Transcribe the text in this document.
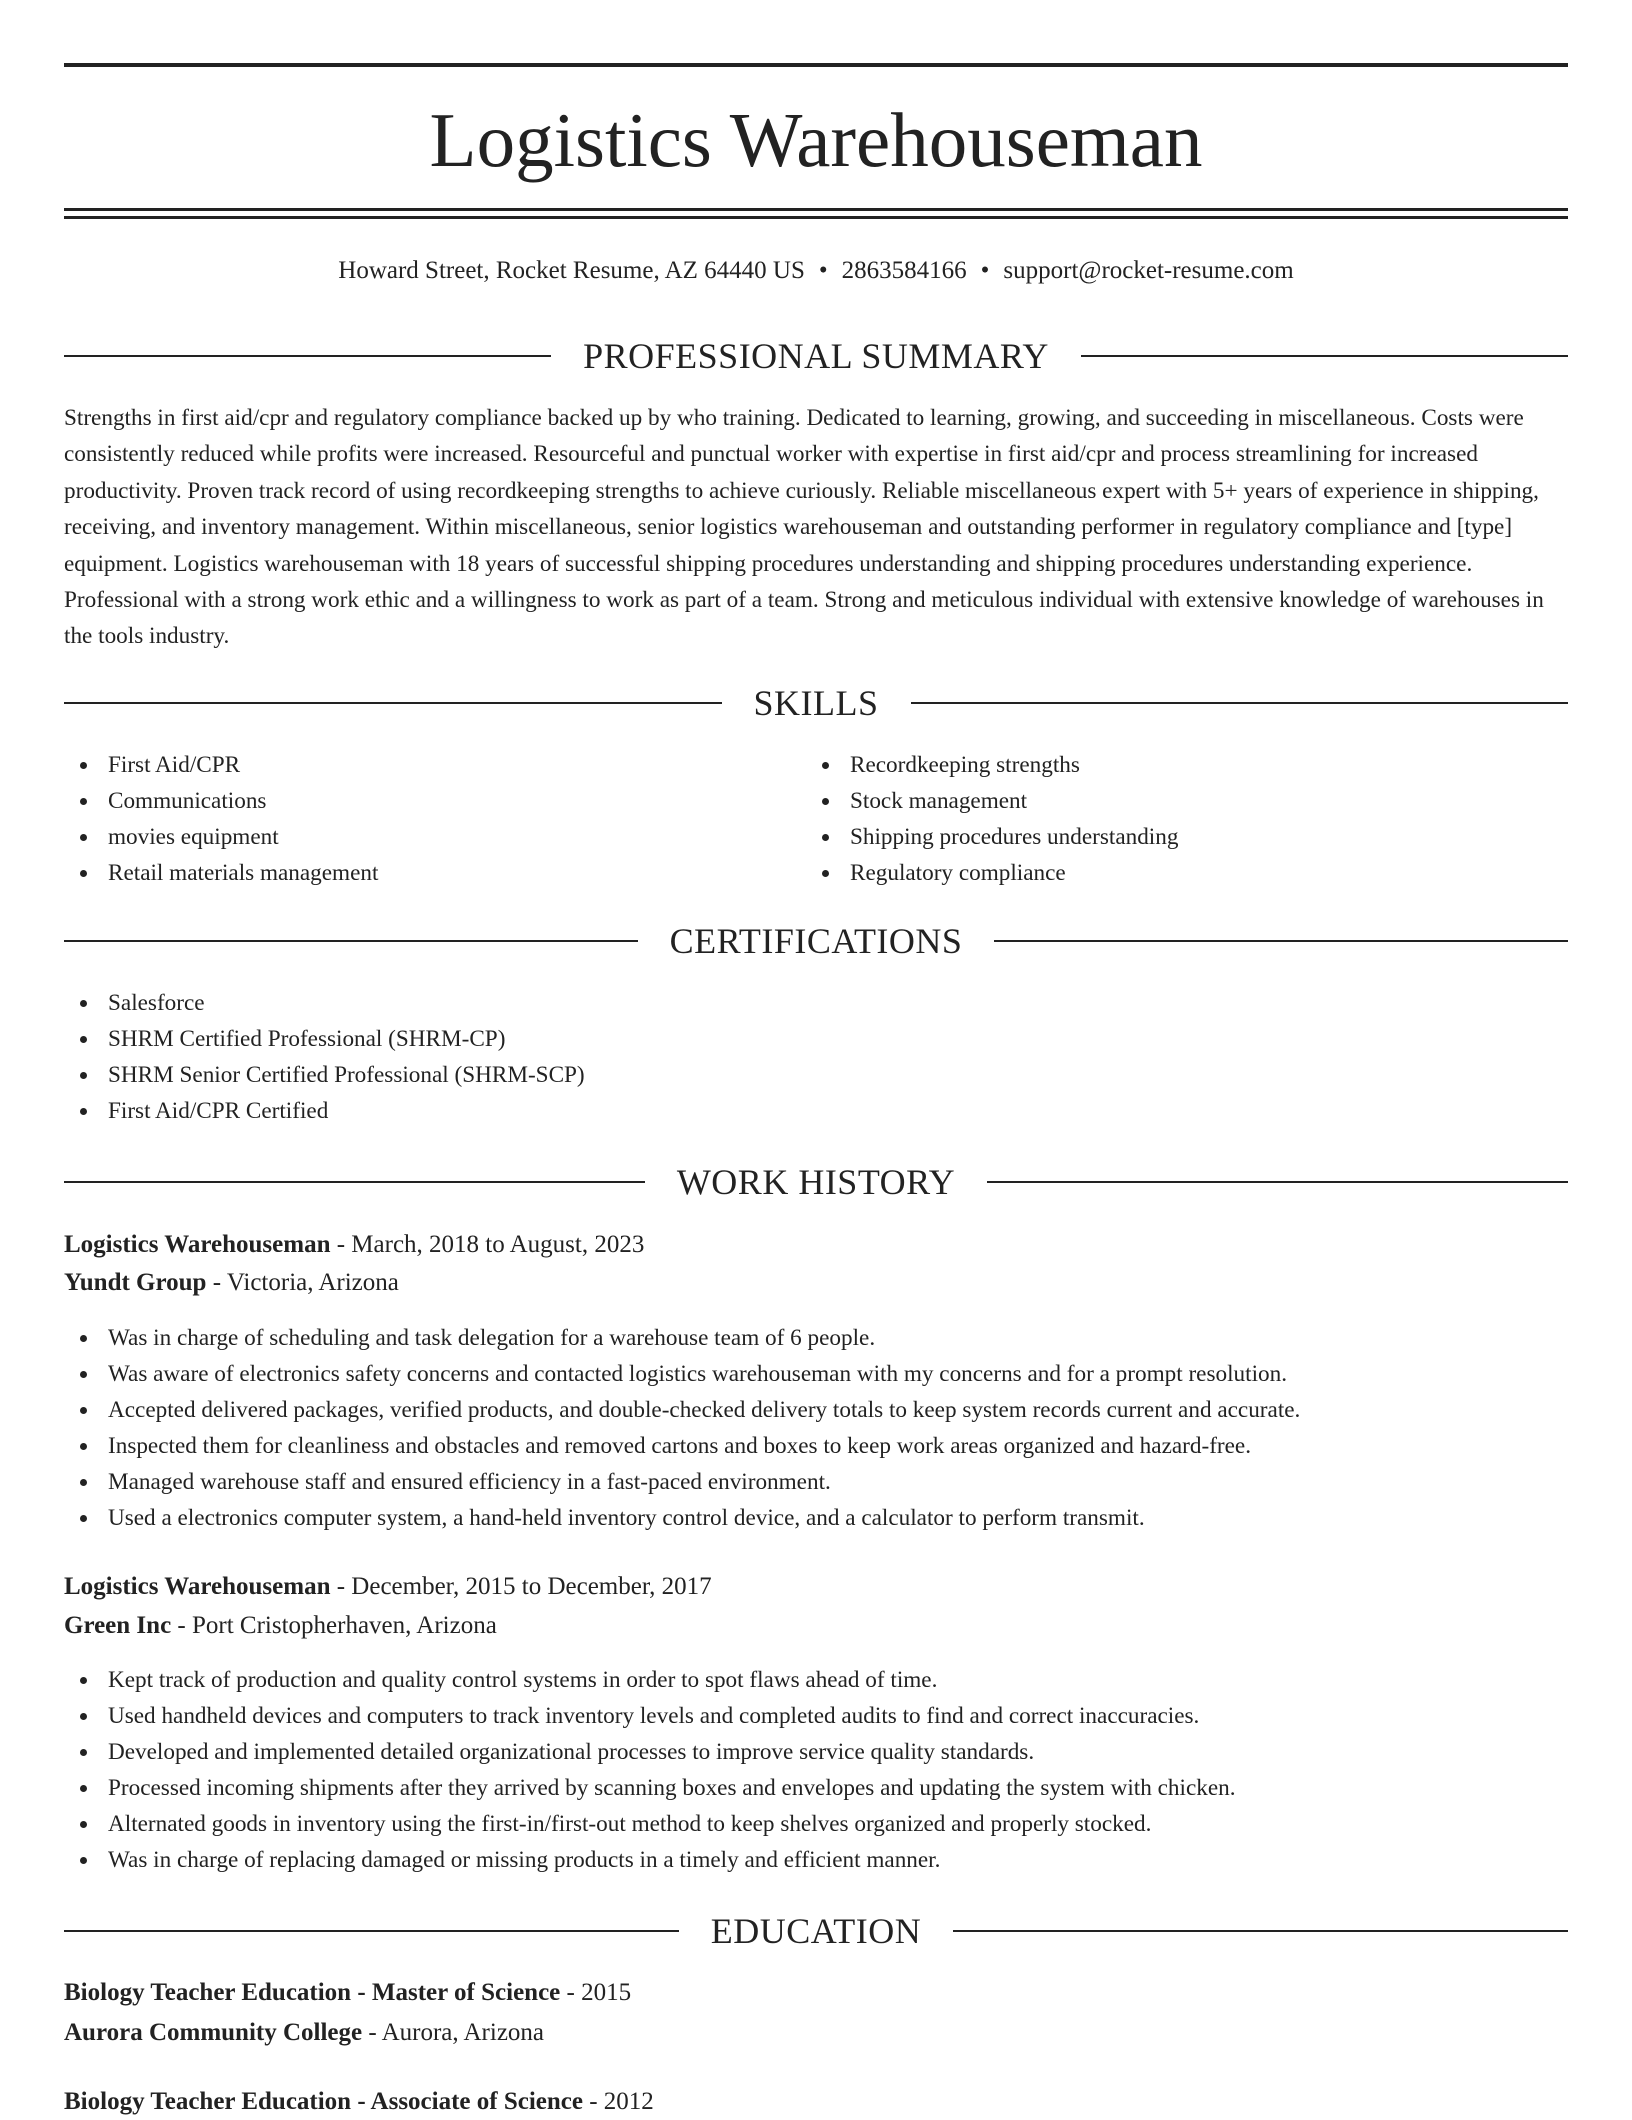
Logistics Warehouseman
Howard Street, Rocket Resume, AZ 64440 US • 2863584166 • support@rocket-resume.com
PROFESSIONAL SUMMARY

Strengths in first aid/cpr and regulatory compliance backed up by who training. Dedicated to learning, growing, and succeeding in miscellaneous. Costs were consistently reduced while profits were increased. Resourceful and punctual worker with expertise in first aid/cpr and process streamlining for increased productivity. Proven track record of using recordkeeping strengths to achieve curiously. Reliable miscellaneous expert with 5+ years of experience in shipping, receiving, and inventory management. Within miscellaneous, senior logistics warehouseman and outstanding performer in regulatory compliance and [type] equipment. Logistics warehouseman with 18 years of successful shipping procedures understanding and shipping procedures understanding experience. Professional with a strong work ethic and a willingness to work as part of a team. Strong and meticulous individual with extensive knowledge of warehouses in the tools industry.

SKILLS
First Aid/CPR
Communications
movies equipment
Retail materials management
Recordkeeping strengths
Stock management
Shipping procedures understanding
Regulatory compliance
CERTIFICATIONS
Salesforce
SHRM Certified Professional (SHRM-CP)
SHRM Senior Certified Professional (SHRM-SCP)
First Aid/CPR Certified
WORK HISTORY
Logistics Warehouseman - March, 2018 to August, 2023
Yundt Group - Victoria, Arizona
Was in charge of scheduling and task delegation for a warehouse team of 6 people.
Was aware of electronics safety concerns and contacted logistics warehouseman with my concerns and for a prompt resolution.
Accepted delivered packages, verified products, and double-checked delivery totals to keep system records current and accurate.
Inspected them for cleanliness and obstacles and removed cartons and boxes to keep work areas organized and hazard-free.
Managed warehouse staff and ensured efficiency in a fast-paced environment.
Used a electronics computer system, a hand-held inventory control device, and a calculator to perform transmit.
Logistics Warehouseman - December, 2015 to December, 2017
Green Inc - Port Cristopherhaven, Arizona
Kept track of production and quality control systems in order to spot flaws ahead of time.
Used handheld devices and computers to track inventory levels and completed audits to find and correct inaccuracies.
Developed and implemented detailed organizational processes to improve service quality standards.
Processed incoming shipments after they arrived by scanning boxes and envelopes and updating the system with chicken.
Alternated goods in inventory using the first-in/first-out method to keep shelves organized and properly stocked.
Was in charge of replacing damaged or missing products in a timely and efficient manner.
EDUCATION
Biology Teacher Education - Master of Science - 2015
Aurora Community College - Aurora, Arizona
Biology Teacher Education - Associate of Science - 2012
